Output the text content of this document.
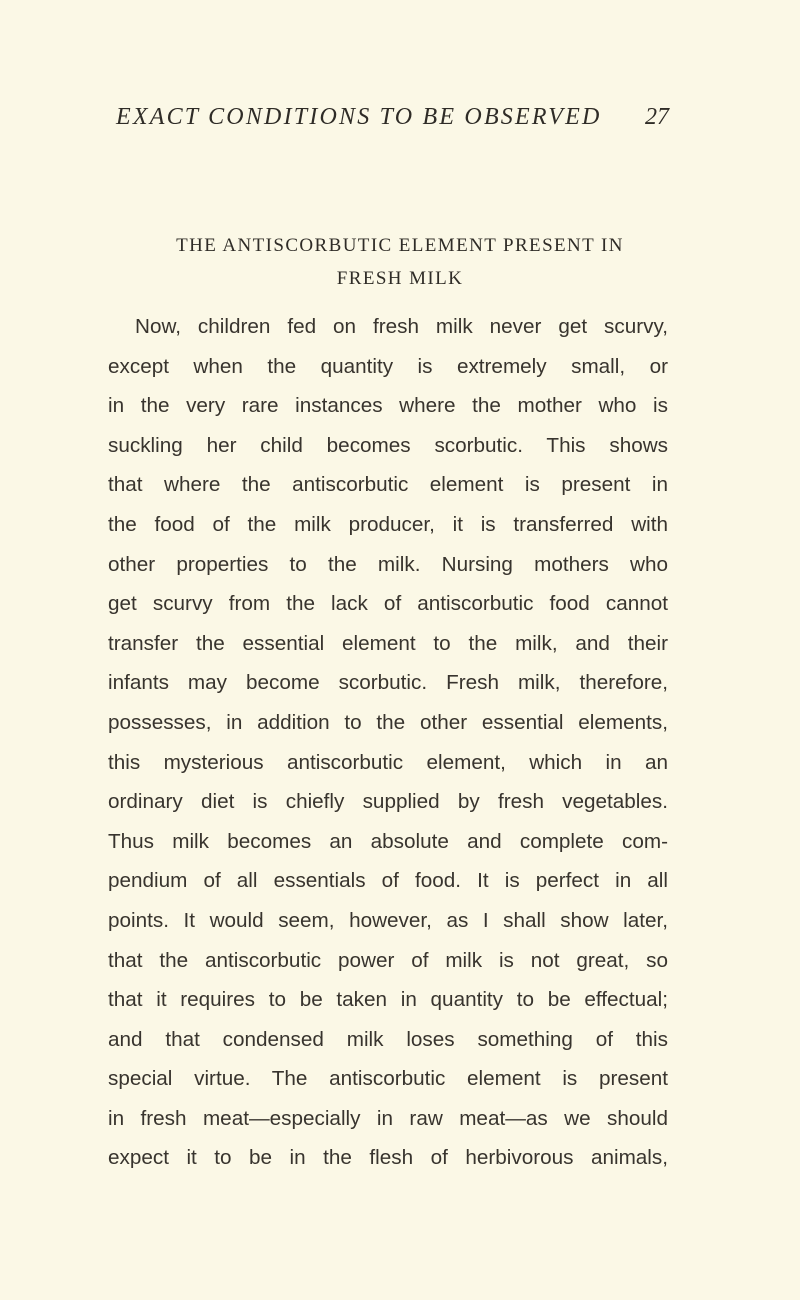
EXACT CONDITIONS TO BE OBSERVED 27
THE ANTISCORBUTIC ELEMENT PRESENT IN
FRESH MILK
Now, children fed on fresh milk never get scurvy,
except when the quantity is extremely small, or
in the very rare instances where the mother who is
suckling her child becomes scorbutic. This shows
that where the antiscorbutic element is present in
the food of the milk producer, it is transferred with
other properties to the milk. Nursing mothers who
get scurvy from the lack of antiscorbutic food cannot
transfer the essential element to the milk, and their
infants may become scorbutic. Fresh milk, therefore,
possesses, in addition to the other essential elements,
this mysterious antiscorbutic element, which in an
ordinary diet is chiefly supplied by fresh vegetables.
Thus milk becomes an absolute and complete com-
pendium of all essentials of food. It is perfect in all
points. It would seem, however, as I shall show later,
that the antiscorbutic power of milk is not great, so
that it requires to be taken in quantity to be effectual;
and that condensed milk loses something of this
special virtue. The antiscorbutic element is present
in fresh meat—especially in raw meat—as we should
expect it to be in the flesh of herbivorous animals,
